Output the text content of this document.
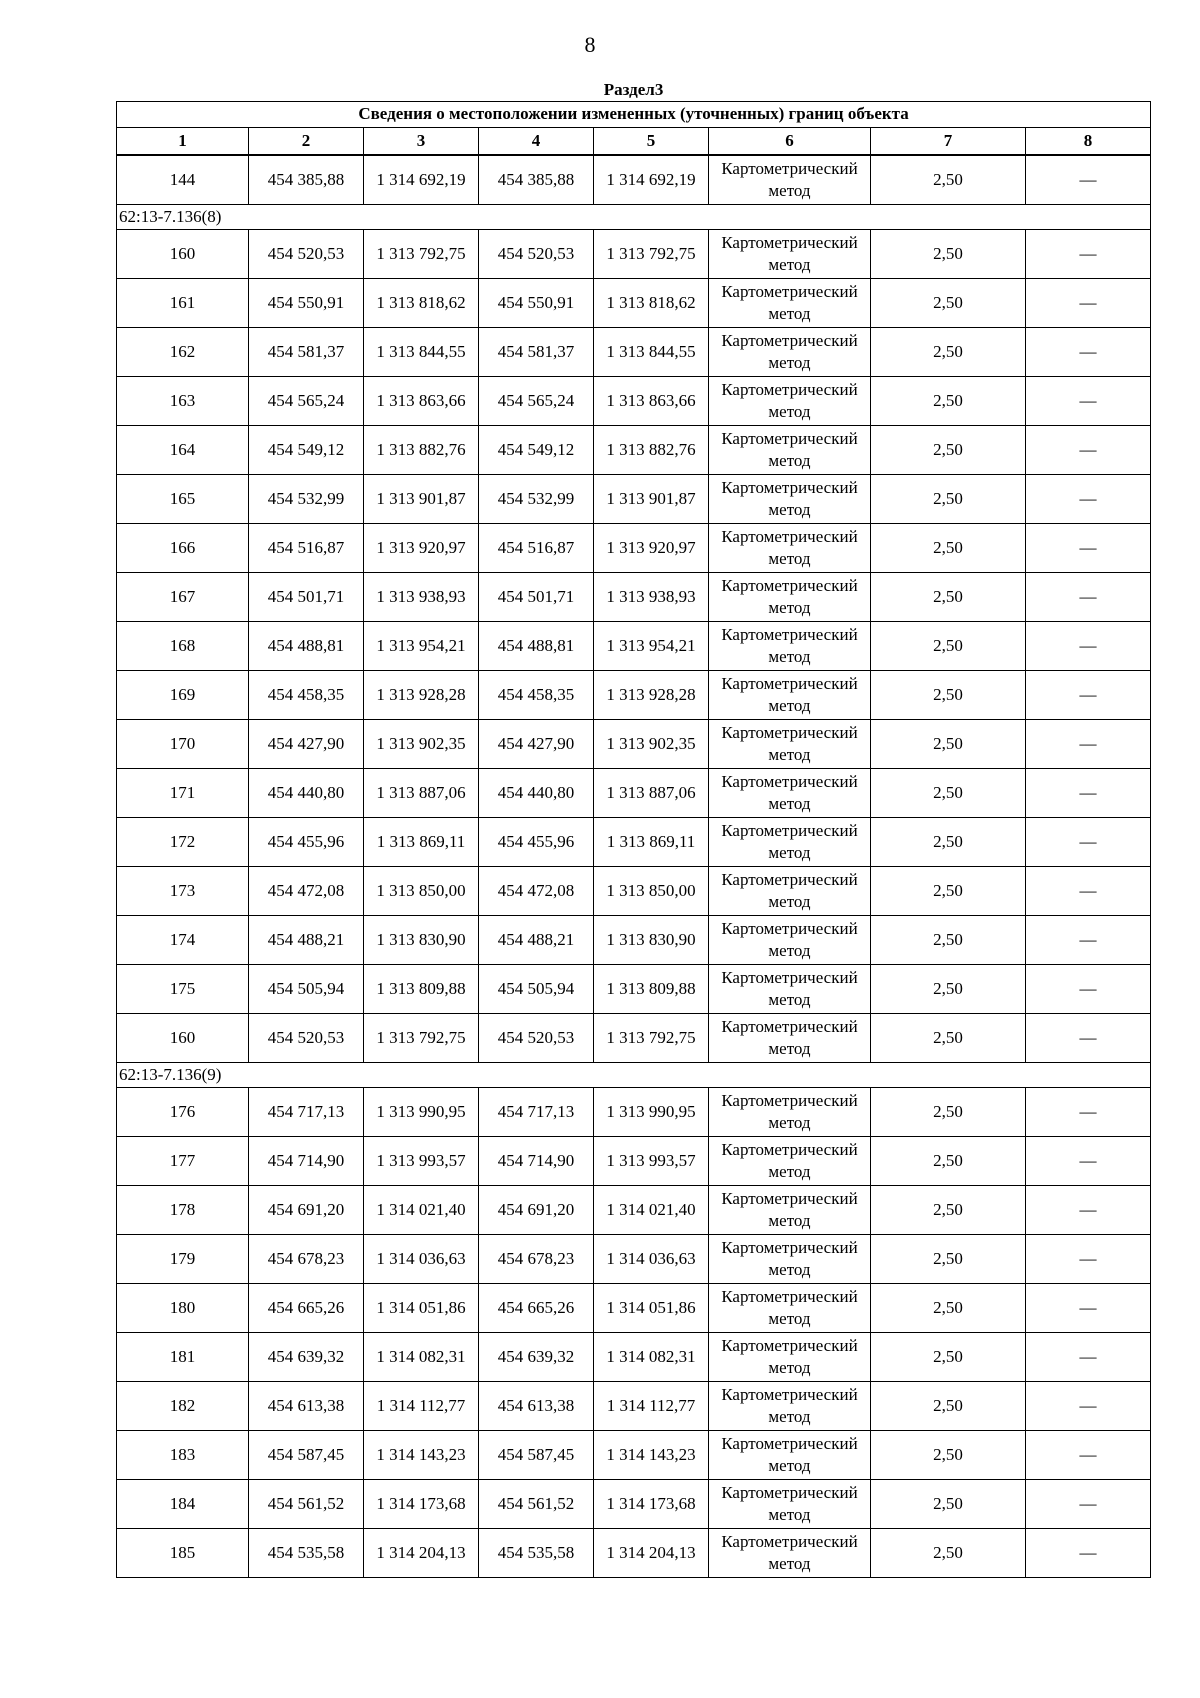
8
Раздел3							
Сведения о местоположении измененных (уточненных) границ объекта							
1	2	3	4	5	6	7	8
144	454 385,88	1 314 692,19	454 385,88	1 314 692,19	Картометрический метод	2,50	—
62:13-7.136(8)							
160	454 520,53	1 313 792,75	454 520,53	1 313 792,75	Картометрический метод	2,50	—
161	454 550,91	1 313 818,62	454 550,91	1 313 818,62	Картометрический метод	2,50	—
162	454 581,37	1 313 844,55	454 581,37	1 313 844,55	Картометрический метод	2,50	—
163	454 565,24	1 313 863,66	454 565,24	1 313 863,66	Картометрический метод	2,50	—
164	454 549,12	1 313 882,76	454 549,12	1 313 882,76	Картометрический метод	2,50	—
165	454 532,99	1 313 901,87	454 532,99	1 313 901,87	Картометрический метод	2,50	—
166	454 516,87	1 313 920,97	454 516,87	1 313 920,97	Картометрический метод	2,50	—
167	454 501,71	1 313 938,93	454 501,71	1 313 938,93	Картометрический метод	2,50	—
168	454 488,81	1 313 954,21	454 488,81	1 313 954,21	Картометрический метод	2,50	—
169	454 458,35	1 313 928,28	454 458,35	1 313 928,28	Картометрический метод	2,50	—
170	454 427,90	1 313 902,35	454 427,90	1 313 902,35	Картометрический метод	2,50	—
171	454 440,80	1 313 887,06	454 440,80	1 313 887,06	Картометрический метод	2,50	—
172	454 455,96	1 313 869,11	454 455,96	1 313 869,11	Картометрический метод	2,50	—
173	454 472,08	1 313 850,00	454 472,08	1 313 850,00	Картометрический метод	2,50	—
174	454 488,21	1 313 830,90	454 488,21	1 313 830,90	Картометрический метод	2,50	—
175	454 505,94	1 313 809,88	454 505,94	1 313 809,88	Картометрический метод	2,50	—
160	454 520,53	1 313 792,75	454 520,53	1 313 792,75	Картометрический метод	2,50	—
62:13-7.136(9)							
176	454 717,13	1 313 990,95	454 717,13	1 313 990,95	Картометрический метод	2,50	—
177	454 714,90	1 313 993,57	454 714,90	1 313 993,57	Картометрический метод	2,50	—
178	454 691,20	1 314 021,40	454 691,20	1 314 021,40	Картометрический метод	2,50	—
179	454 678,23	1 314 036,63	454 678,23	1 314 036,63	Картометрический метод	2,50	—
180	454 665,26	1 314 051,86	454 665,26	1 314 051,86	Картометрический метод	2,50	—
181	454 639,32	1 314 082,31	454 639,32	1 314 082,31	Картометрический метод	2,50	—
182	454 613,38	1 314 112,77	454 613,38	1 314 112,77	Картометрический метод	2,50	—
183	454 587,45	1 314 143,23	454 587,45	1 314 143,23	Картометрический метод	2,50	—
184	454 561,52	1 314 173,68	454 561,52	1 314 173,68	Картометрический метод	2,50	—
185	454 535,58	1 314 204,13	454 535,58	1 314 204,13	Картометрический метод	2,50	—
